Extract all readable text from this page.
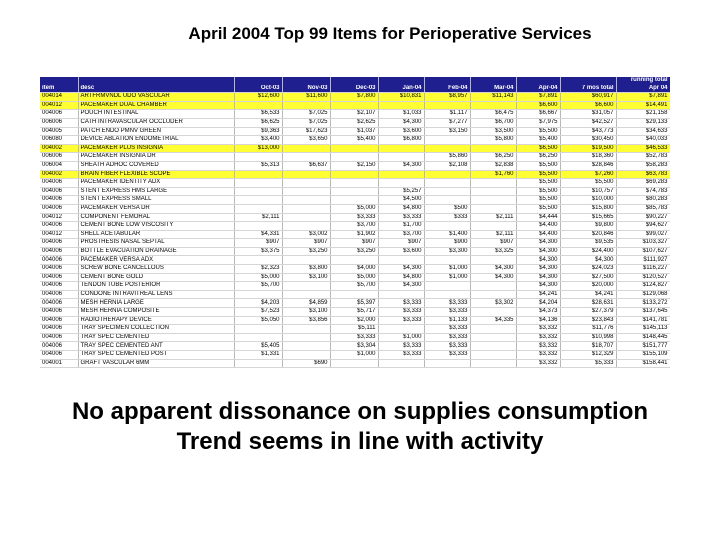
April 2004 Top 99 Items for Perioperative Services
										running total
item	desc	Oct-03	Nov-03	Dec-03	Jan-04	Feb-04	Mar-04	Apr-04	7 mos total	Apr 04
004014	ARTFRMVNDL UDO VASCULAR	$12,600	$11,600	$7,800	$10,831	$8,957	$11,143	$7,891	$60,917	$7,891
004012	PACEMAKER DUAL CHAMBER							$6,600	$6,600	$14,491
004006	POUCH INTESTINAL	$6,533	$7,025	$2,107	$1,033	$1,117	$6,475	$6,667	$31,057	$21,158
006006	CATH INTRAVASCULAR OCCLUDER	$6,625	$7,025	$2,625	$4,300	$7,277	$6,700	$7,975	$42,527	$29,133
004005	PATCH ENDO PMNV GREEN	$9,363	$17,623	$1,037	$3,600	$3,150	$3,500	$5,500	$43,773	$34,633
006080	DEVICE ABLATION ENDOMETRIAL	$3,400	$3,650	$5,400	$6,800		$5,800	$5,400	$30,450	$40,033
004002	PACEMAKER PLUS INSIGNIA	$13,000						$6,500	$19,500	$46,533
006006	PACEMAKER INSIGNIA DR					$5,860	$6,250	$6,250	$18,360	$52,783
006004	SHEATH ADHOC COVERED	$5,313	$6,637	$2,150	$4,300	$2,108	$2,838	$5,500	$28,846	$58,283
004002	BRAIN FIBER FLEXIBLE SCOPE						$1,760	$5,500	$7,260	$63,783
004006	PACEMAKER IDENTITY ADX							$5,500	$5,500	$69,283
004006	STENT EXPRESS HMS LARGE				$5,257			$5,500	$10,757	$74,783
004006	STENT EXPRESS SMALL				$4,500			$5,500	$10,000	$80,283
004006	PACEMAKER VERSA DR			$5,000	$4,800	$500		$5,500	$15,800	$85,783
004012	COMPONENT FEMORAL	$2,111		$3,333	$3,333	$333	$2,111	$4,444	$15,665	$90,227
004006	CEMENT BONE LOW VISCOSITY			$3,700	$1,700			$4,400	$9,800	$94,627
004012	SHELL ACETABULAR	$4,331	$3,002	$1,902	$3,700	$1,400	$2,111	$4,400	$20,846	$99,027
004006	PROSTHESIS NASAL SEPTAL	$907	$907	$907	$907	$900	$907	$4,300	$9,535	$103,327
004006	BOTTLE EVACUATION DRAINAGE	$3,375	$3,250	$3,250	$3,600	$3,300	$3,325	$4,300	$24,400	$107,627
004006	PACEMAKER VERSA ADX							$4,300	$4,300	$111,927
004006	SCREW BONE CANCELLOUS	$2,323	$3,800	$4,000	$4,300	$1,000	$4,300	$4,300	$24,023	$116,227
004006	CEMENT BONE GOLD	$5,000	$3,100	$5,000	$4,800	$1,000	$4,300	$4,300	$27,500	$120,527
004006	TENDON TUBE POSTERIOR	$5,700		$5,700	$4,300			$4,300	$20,000	$124,827
004006	CONDONE INTRAVITREAL LENS							$4,241	$4,241	$129,068
004006	MESH HERNIA LARGE	$4,203	$4,859	$5,397	$3,333	$3,333	$3,302	$4,204	$28,631	$133,272
004006	MESH HERNIA COMPOSITE	$7,523	$3,100	$5,717	$3,333	$3,333		$4,373	$27,379	$137,645
004006	RADIOTHERAPY DEVICE	$5,050	$3,856	$2,000	$3,333	$1,133	$4,335	$4,136	$23,843	$141,781
004006	TRAY SPECIMEN COLLECTION			$5,111		$3,333		$3,332	$11,776	$145,113
004006	TRAY SPEC CEMENTED			$3,333	$1,000	$3,333		$3,332	$10,998	$148,445
004006	TRAY SPEC CEMENTED ANT	$5,405		$3,304	$3,333	$3,333		$3,332	$18,707	$151,777
004006	TRAY SPEC CEMENTED POST	$1,331		$1,000	$3,333	$3,333		$3,332	$12,329	$155,109
004001	GRAFT VASCULAR 6MM		$690					$3,332	$5,333	$158,441
No apparent dissonance on supplies consumption
Trend seems in line with activity
